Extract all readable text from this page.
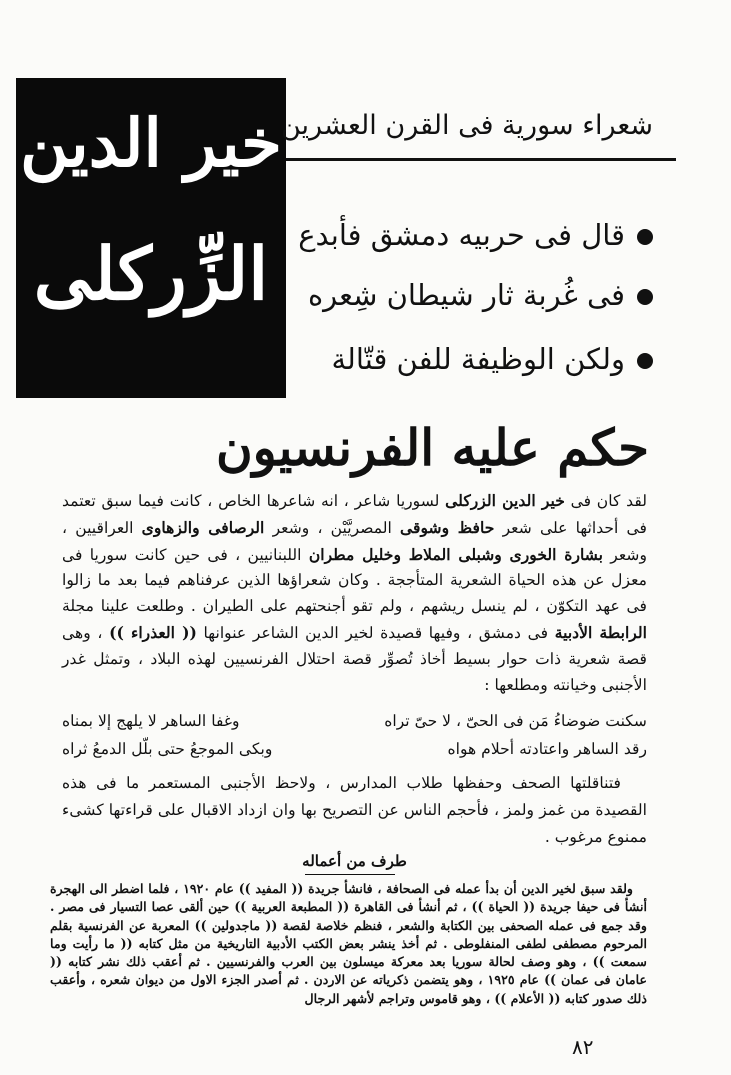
خير الدين
الزِّركلى
شعراء سورية فى القرن العشرين
قال فى حربيه دمشق فأبدع
فى غُربة ثار شيطان شِعره
ولكن الوظيفة للفن قتّالة
حكم عليه الفرنسيون
لقد كان فى خير الدين الزركلى لسوريا شاعر ، انه شاعرها الخاص ، كانت فيما سبق تعتمد فى أحداثها على شعر حافظ وشوقى المصريَّيْن ، وشعر الرصافى والزهاوى العراقيين ، وشعر بشارة الخورى وشبلى الملاط وخليل مطران اللبنانيين ، فى حين كانت سوريا فى معزل عن هذه الحياة الشعرية المتأججة . وكان شعراؤها الذين عرفناهم فيما بعد ما زالوا فى عهد التكوّن ، لم ينسل ريشهم ، ولم تقو أجنحتهم على الطيران . وطلعت علينا مجلة الرابطة الأدبية فى دمشق ، وفيها قصيدة لخير الدين الشاعر عنوانها (( العذراء )) ، وهى قصة شعرية ذات حوار بسيط أخاذ تُصوِّر قصة احتلال الفرنسيين لهذه البلاد ، وتمثل غدر الأجنبى وخيانته ومطلعها :
سكنت ضوضاءُ مَن فى الحىّ ، لا حىّ تراه
وغفا الساهر لا يلهج إلا بمناه
رقد الساهر واعتادته أحلام هواه
وبكى الموجعُ حتى بلّل الدمعُ ثراه
فتناقلتها الصحف وحفظها طلاب المدارس ، ولاحظ الأجنبى المستعمر ما فى هذه القصيدة من غمز ولمز ، فأحجم الناس عن التصريح بها وان ازداد الاقبال على قراءتها كشىء ممنوع مرغوب .
طرف من أعماله
ولقد سبق لخير الدين أن بدأ عمله فى الصحافة ، فانشأ جريدة (( المفيد )) عام ١٩٢٠ ، فلما اضطر الى الهجرة أنشأ فى حيفا جريدة (( الحياة )) ، ثم أنشأ فى القاهرة (( المطبعة العربية )) حين ألقى عصا التسيار فى مصر . وقد جمع فى عمله الصحفى بين الكتابة والشعر ، فنظم خلاصة لقصة (( ماجدولين )) المعربة عن الفرنسية بقلم المرحوم مصطفى لطفى المنفلوطى . ثم أخذ ينشر بعض الكتب الأدبية التاريخية من مثل كتابه (( ما رأيت وما سمعت )) ، وهو وصف لحالة سوريا بعد معركة ميسلون بين العرب والفرنسيين . ثم أعقب ذلك نشر كتابه (( عامان فى عمان )) عام ١٩٢٥ ، وهو يتضمن ذكرياته عن الاردن . ثم أصدر الجزء الاول من ديوان شعره ، وأعقب ذلك صدور كتابه (( الأعلام )) ، وهو قاموس وتراجم لأشهر الرجال
٨٢
